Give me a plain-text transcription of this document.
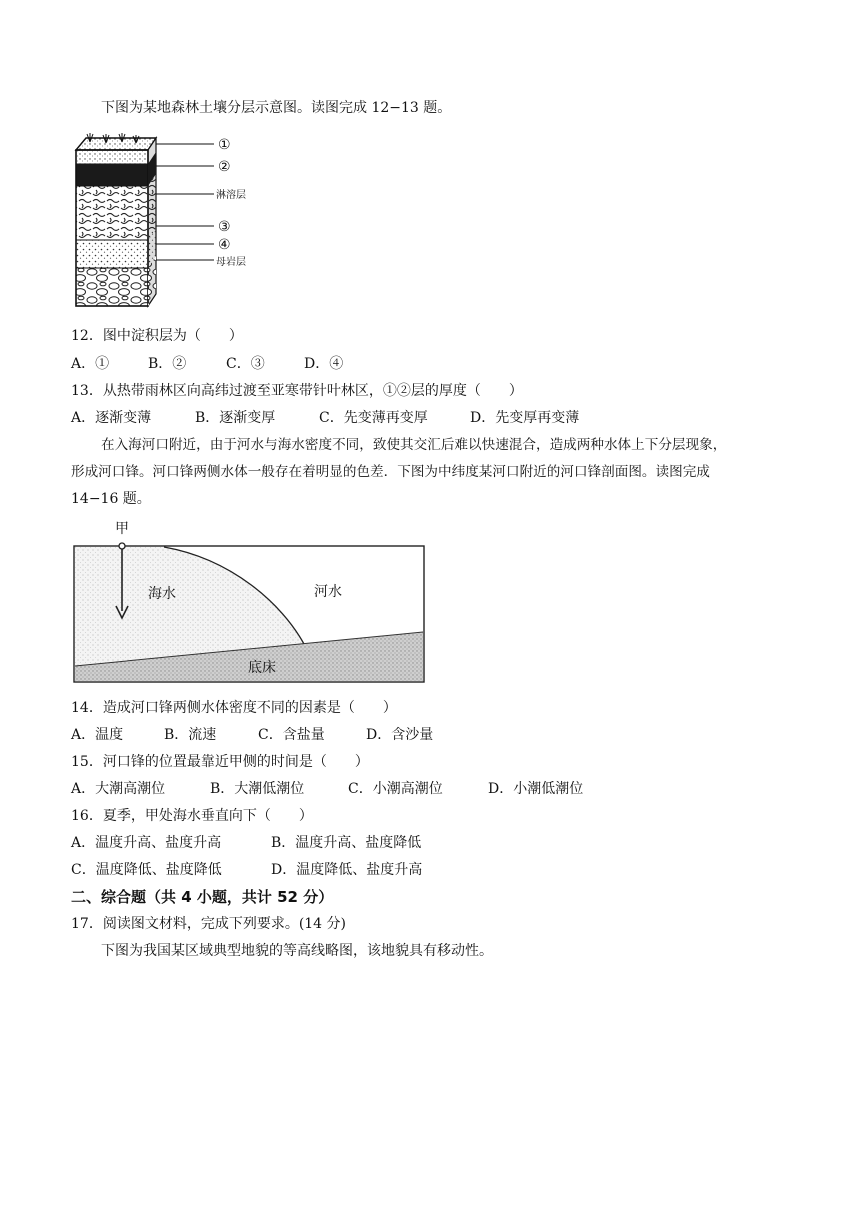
下图为某地森林土壤分层示意图。读图完成 12−13 题。
①
②
淋溶层
③
④
母岩层
12．图中淀积层为（　　）
A．①	B．②	C．③	D．④
13．从热带雨林区向高纬过渡至亚寒带针叶林区，①②层的厚度（　　）
A．逐渐变薄	B．逐渐变厚	C．先变薄再变厚	D．先变厚再变薄
在入海河口附近，由于河水与海水密度不同，致使其交汇后难以快速混合，造成两种水体上下分层现象，
形成河口锋。河口锋两侧水体一般存在着明显的色差．下图为中纬度某河口附近的河口锋剖面图。读图完成
14−16 题。
甲
海水	河水
底床
14．造成河口锋两侧水体密度不同的因素是（　　）
A．温度	B．流速	C．含盐量	D．含沙量
15．河口锋的位置最靠近甲侧的时间是（　　）
A．大潮高潮位	B．大潮低潮位	C．小潮高潮位	D．小潮低潮位
16．夏季，甲处海水垂直向下（　　）
A．温度升高、盐度升高	B．温度升高、盐度降低
C．温度降低、盐度降低	D．温度降低、盐度升高
二、综合题（共 4 小题，共计 52 分）
17．阅读图文材料，完成下列要求。(14 分)
下图为我国某区域典型地貌的等高线略图，该地貌具有移动性。
